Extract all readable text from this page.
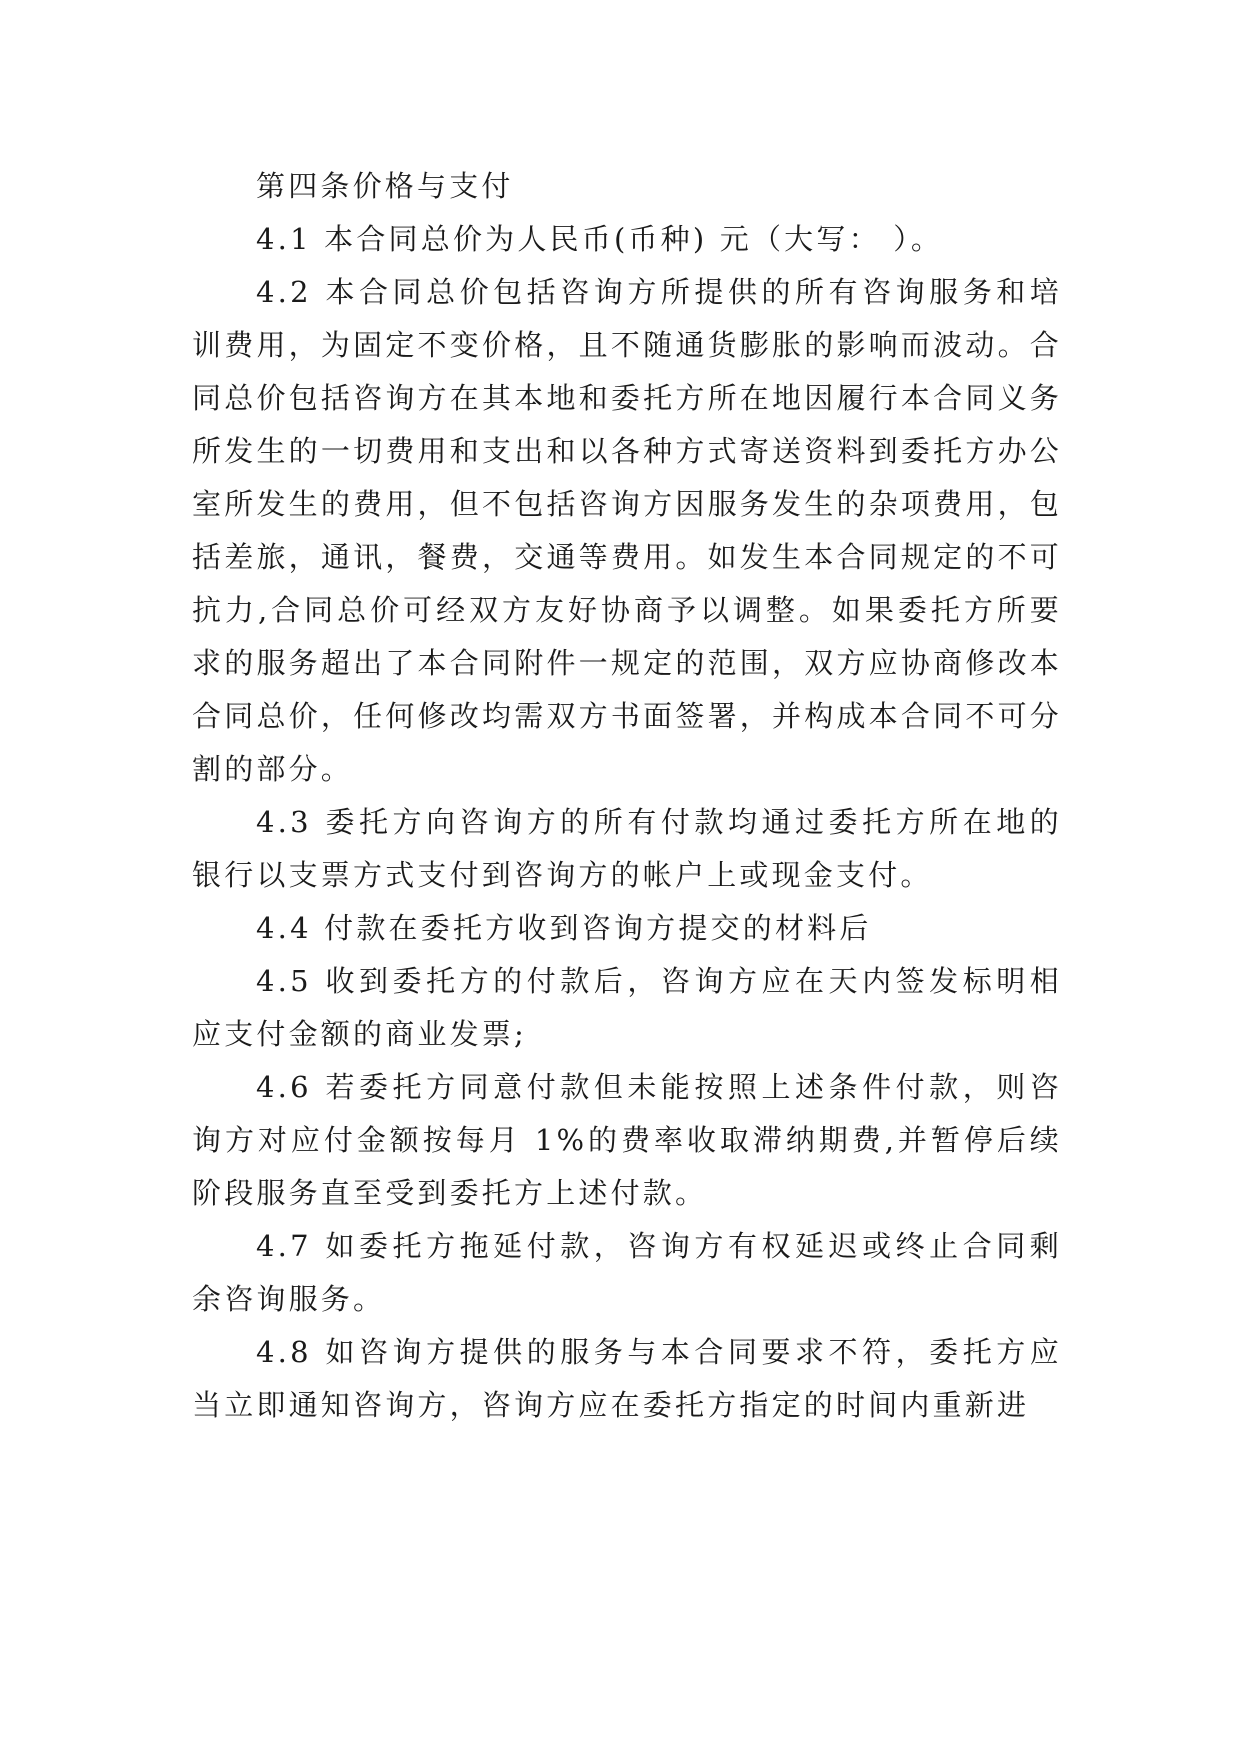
第四条价格与支付

4.1 本合同总价为人民币(币种) 元（大写： ）。

4.2 本合同总价包括咨询方所提供的所有咨询服务和培训费用，为固定不变价格，且不随通货膨胀的影响而波动。合同总价包括咨询方在其本地和委托方所在地因履行本合同义务所发生的一切费用和支出和以各种方式寄送资料到委托方办公室所发生的费用，但不包括咨询方因服务发生的杂项费用，包括差旅，通讯，餐费，交通等费用。如发生本合同规定的不可抗力,合同总价可经双方友好协商予以调整。如果委托方所要求的服务超出了本合同附件一规定的范围，双方应协商修改本合同总价，任何修改均需双方书面签署，并构成本合同不可分割的部分。

4.3 委托方向咨询方的所有付款均通过委托方所在地的银行以支票方式支付到咨询方的帐户上或现金支付。

4.4 付款在委托方收到咨询方提交的材料后

4.5 收到委托方的付款后，咨询方应在天内签发标明相应支付金额的商业发票;

4.6 若委托方同意付款但未能按照上述条件付款，则咨询方对应付金额按每月 1%的费率收取滞纳期费,并暂停后续阶段服务直至受到委托方上述付款。

4.7 如委托方拖延付款，咨询方有权延迟或终止合同剩余咨询服务。

4.8 如咨询方提供的服务与本合同要求不符，委托方应当立即通知咨询方，咨询方应在委托方指定的时间内重新进
